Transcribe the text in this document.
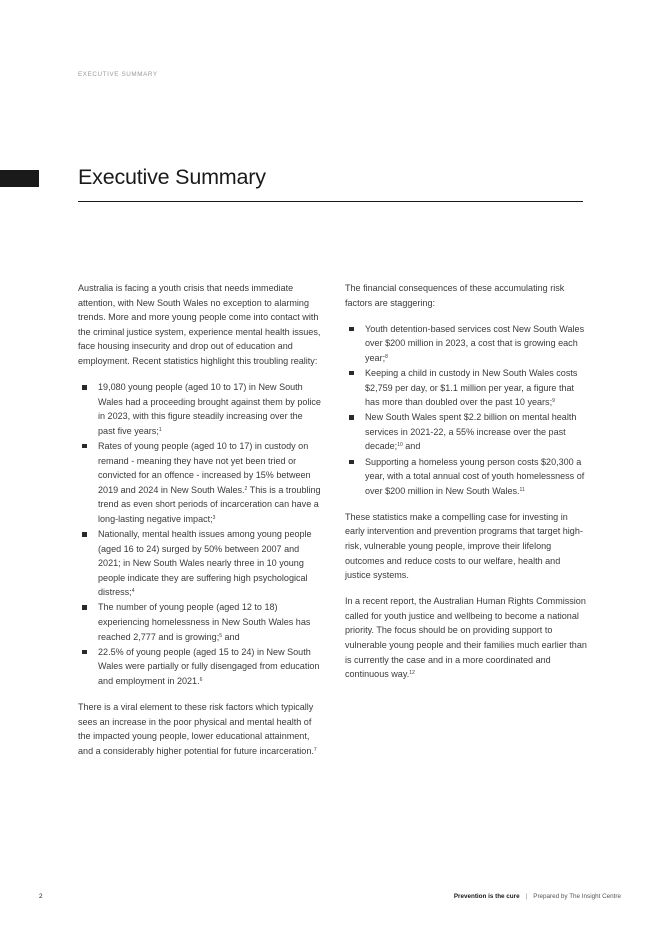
EXECUTIVE SUMMARY
Executive Summary

Australia is facing a youth crisis that needs immediate attention, with New South Wales no exception to alarming trends. More and more young people come into contact with the criminal justice system, experience mental health issues, face housing insecurity and drop out of education and employment. Recent statistics highlight this troubling reality:

19,080 young people (aged 10 to 17) in New South Wales had a proceeding brought against them by police in 2023, with this figure steadily increasing over the past five years;$^1$
Rates of young people (aged 10 to 17) in custody on remand - meaning they have not yet been tried or convicted for an offence - increased by 15% between 2019 and 2024 in New South Wales.$^2$ This is a troubling trend as even short periods of incarceration can have a long-lasting negative impact;$^3$
Nationally, mental health issues among young people (aged 16 to 24) surged by 50% between 2007 and 2021; in New South Wales nearly three in 10 young people indicate they are suffering high psychological distress;$^4$
The number of young people (aged 12 to 18) experiencing homelessness in New South Wales has reached 2,777 and is growing;$^5$ and
22.5% of young people (aged 15 to 24) in New South Wales were partially or fully disengaged from education and employment in 2021.$^6$

There is a viral element to these risk factors which typically sees an increase in the poor physical and mental health of the impacted young people, lower educational attainment, and a considerably higher potential for future incarceration.$^7$

The financial consequences of these accumulating risk factors are staggering:

Youth detention-based services cost New South Wales over $200 million in 2023, a cost that is growing each year;$^8$
Keeping a child in custody in New South Wales costs $2,759 per day, or $1.1 million per year, a figure that has more than doubled over the past 10 years;$^9$
New South Wales spent $2.2 billion on mental health services in 2021-22, a 55% increase over the past decade;$^{10}$ and
Supporting a homeless young person costs $20,300 a year, with a total annual cost of youth homelessness of over $200 million in New South Wales.$^{11}$

These statistics make a compelling case for investing in early intervention and prevention programs that target high-risk, vulnerable young people, improve their lifelong outcomes and reduce costs to our welfare, health and justice systems.

In a recent report, the Australian Human Rights Commission called for youth justice and wellbeing to become a national priority. The focus should be on providing support to vulnerable young people and their families much earlier than is currently the case and in a more coordinated and continuous way.$^{12}$

2	Prevention is the cure | Prepared by The Insight Centre
